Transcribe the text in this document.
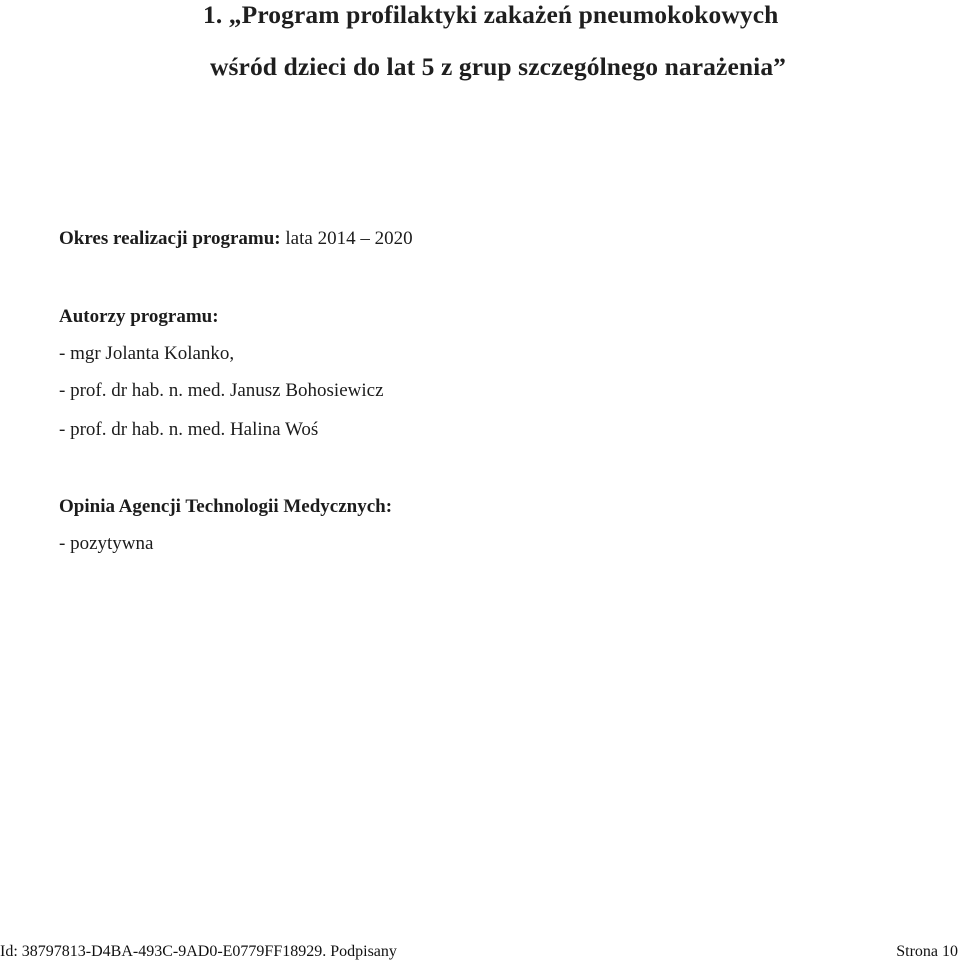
1. „Program profilaktyki zakażeń pneumokokowych
wśród dzieci do lat 5 z grup szczególnego narażenia”
Okres realizacji programu: lata 2014 – 2020
Autorzy programu:
- mgr Jolanta Kolanko,
- prof. dr hab. n. med. Janusz Bohosiewicz
- prof. dr hab. n. med. Halina Woś
Opinia Agencji Technologii Medycznych:
- pozytywna
Id: 38797813-D4BA-493C-9AD0-E0779FF18929. Podpisany	Strona 10
